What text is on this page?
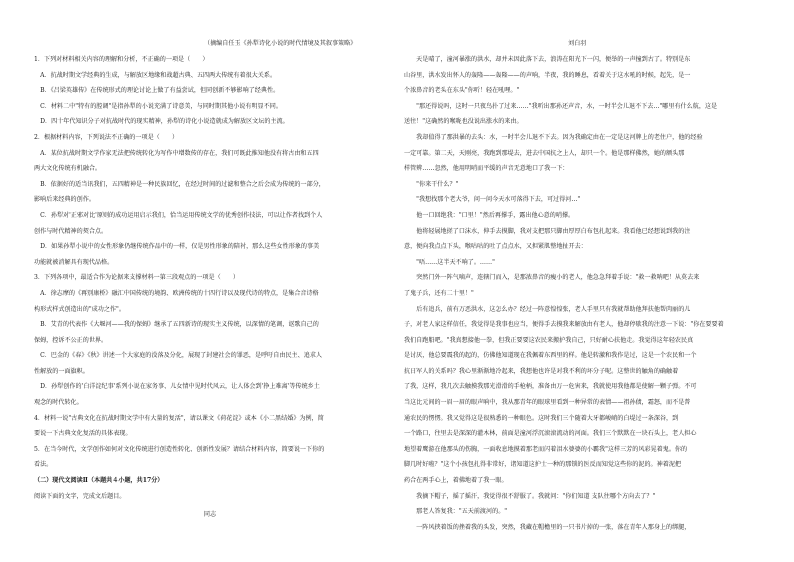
（摘编自任玉《孙犁诗化小说的时代情境及其叙事策略》

1．下列对材料相关内容的理解和分析，不正确的一项是（　　）

　A．抗战时期文学经典的生成，与解放区地缘和战超古典、五四两大传统有着很大关系。

　B．《吕梁英雄传》在传统形式的理论讨论上做了有益尝试，但同创新不够影响了经典性。

　C．材料二中"特有的腔调"是指孙犁的小说充满了诗意美，与同时期其他小说有明显不同。

　D．四十年代知识分子对抗战时代的现实精神，孙犁的诗化小说造就成为解放区文坛的主流。

2．根据材料内容，下列说法不正确的一项是（　　）

　A．某位抗战时期文学作家无法把传统转化为写作中增数传的存在，我们可既此推知他没有将古由和五四

两大文化传统有机融合。

　B．依据好的适当讯我们，五四精神是一种民族回忆，在经过时间的过滤和整合之后会成为传统的一部分，

影响后来经典的创作。

　C．孙犁对'正邪对比'原则的成功运用启示我们，恰当运用传统文学的优秀创作技法，可以让作者找到个人

创作与时代精神的契合点。

　D．如果孙犁小说中的女性形象仍继传统作品中的一样，仅是男性形象的陪衬，那么这些女性形象的事美

功能就被消解具有现代品格。

3．下列各项中，最适合作为论据来支撑材料一第三段观点的一项是（　　）

　A．徐志摩的《再别康桥》融汇中国传统的境韵、欧洲传统的十四行诗以及现代诗的特点，是集合音诗格

构形式样式创造出的"成功之作"。

　B．艾青的代表作《大堰河——我的保姆》继承了五四新诗的现实主义传统，以深情的笔调，讴歌自己的

保姆，控诉不公正的世界。

　C．巴金的《春》《秋》讲述一个大家庭的没落及分化，展现了封建社会的罪恶，是呼吁自由民主、追求人

性解放的一面旗帜。

　D．孙犁创作的'白洋淀纪事'系列小说在家务事、儿女情中见时代风云，让人体会到'挣上难离'等传统乡土

观念的时代转化。

4．材料一说"古典文化在抗战时期文学中有大量的复活"，请以课文《荷花淀》或本《小二黑结婚》为例，简

要说一下古典文化复活的具体表现。

5．在当今时代，文学创作如何对文化传统进行创造性转化、创新性发展？请结合材料内容，简要说一下你的

看法。

（二）现代文阅读Ⅱ（本题共４小题，共17分）

阅读下面的文字，完成文后题目。

同志

刘白羽

　　天是晴了，潼河暴涨的洪水，却并未因此落下去，浪涛在阳光下一闪，便举的一声撞到古了。特别是东

山谷里，洪水发出怀人的轰隆——轰隆——的声响，半夜，我的睡息，看着关于这水吼的时候，起先，是一

个浓鼻音的老头在东头"你听！轻在吼哩。"

　　"那还得说吗，这时一只夜鸟扑了过来……"我听出那孙还声音，水，一时半会儿退不下去…"哪里有什么航，这是

送往！"这确然的喉咙也没说出涨水的来由。

　　我却值得了那洪暴的去头：水，一时半会儿退不下去。因为我确定由在一定是这河牌上的老住户，他的经验

一定可靠。第二天，天刚亮，我跑到那堤去，进去中国抗之上人，却只一个。他是那样佛然，她的额头那

样管辨……忽然，他用明哨而平缓的声音无意地口了我一下：

　　"你来干什么？"

　　"我想找那个老大爷，问一问今天水可落得下去，可过得河…"

　　他一口回绝我："口里！"然后再撑手，露出他心意的哨撑。

　　他将轻展地搓了口沫水，伸手去摸脚，我对支把那只脚由厚厚白布包扎起来。我看他已经想说到我的注

意，便向我点点下头，喉咕咕的吐了点点水，又担紧肌整地扯开去：

　　"唔……这半天不响了。……"

　　突然门外一阵气嘀声，连辖门而入，是那浓鼻音的瘦小的老人，他急急拜着手说："救一救呐吧！从莫去来

了鬼子兵，还有二十里！"

　　后有追兵，前有万恶洪水，这怎么办？经过一阵意惶惶张，老人手里只有我就帮助他拜扶他帮肉丽的儿

子，对老人家这样信任，我觉得是我事也应当，便得手去摸我来解放由有老人，他却停歇我的注意一下说："你在要要着

我们自跑船吧。"我真想接他一拳，但我正要要这农民来搬护我自己，只好耐心扶他走。我觉得这年轻农民真

是讨厌，他总要震我的起的，仿佛他知道现在我佩着东西里的样。他是转激和我作是过，这是一个农民和一个

抗日军人的关系吗？我心里渐渐地冷起来，我想他也许是对我不利的坏分子呢。这整世的触角的确触着

了我，这样，我几次去触摸我那光滑滑的手枪柄，准备由万一危害来，我就使用我他都是使解一颗子弹。不可

当这比元间的一眉一眉的眼声响中，我从那青年的眼球里看到一种异常的表情——祖孙债，霜怒，而不是普

通农民的愣愣。我又觉得这是很熟悉的一种眼色。这时我们三个随着大牙都峻峭的白堤过一条深谷，到

一个路口，往里去是深深的灌木林，前面是潼河浮沉滚滚流动的河面。我们三个默默在一块石头上，老人担心

地望着鹰游在他那头的伤胸，一面收息地摸着那老而闪着泪水婆婆的小霸我"这样三芳的风彩晃着鬼。你的

脚几时好啦？"这个小孩包扎得非常好，诸知道这护士一种的那锁的医反而知觉这些你的泥的。神着泥把

药合在两手心上，着佛地着了我一眼。

　　我摘下帽子，摇了摇汗，我觉得很不舒服了。我就问："你们知道 支队往哪个方向去了？"

　　那老人答复我："五天前渡河的。"

　　一阵风挟着饭的挫着我的头发，突然，我藏在帽檐里的一只书片掉的一张，落在青年人那身上的绑腿，
